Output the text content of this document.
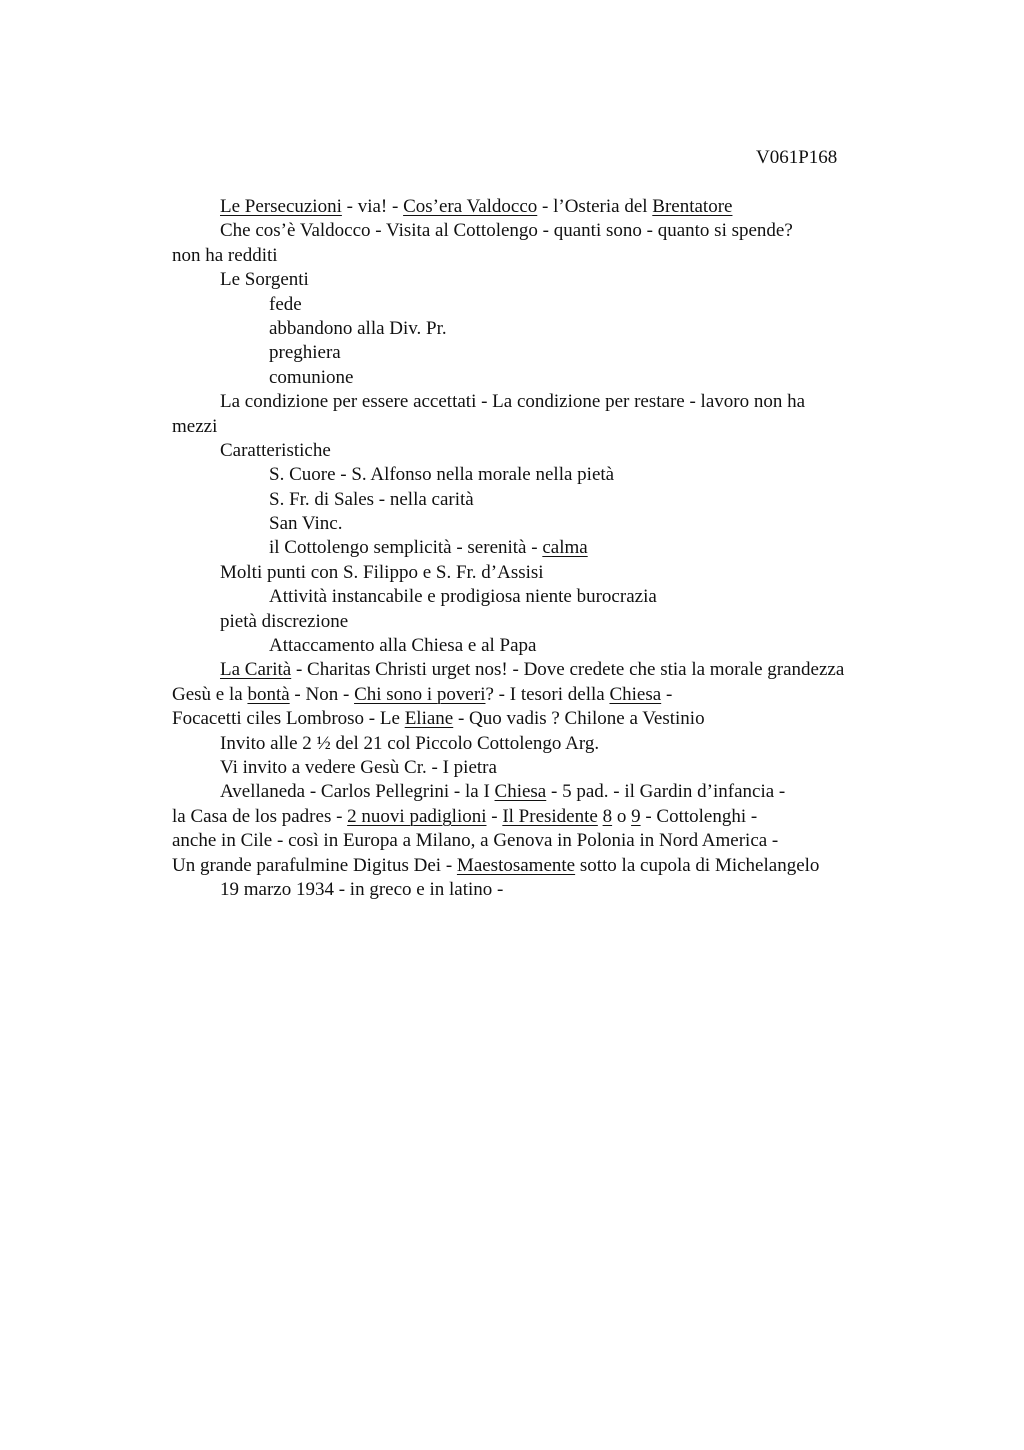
V061P168
Le Persecuzioni - via! - Cos’era Valdocco - l’Osteria del Brentatore
Che cos’è Valdocco - Visita al Cottolengo - quanti sono - quanto si spende?
non ha redditi
Le Sorgenti
fede
abbandono alla Div. Pr.
preghiera
comunione
La condizione per essere accettati - La condizione per restare - lavoro non ha
mezzi
Caratteristiche
S. Cuore - S. Alfonso nella morale nella pietà
S. Fr. di Sales - nella carità
San Vinc.
il Cottolengo semplicità - serenità - calma
Molti punti con S. Filippo e S. Fr. d’Assisi
Attività instancabile e prodigiosa niente burocrazia
pietà discrezione
Attaccamento alla Chiesa e al Papa
La Carità - Charitas Christi urget nos! - Dove credete che stia la morale grandezza
Gesù e la bontà - Non - Chi sono i poveri? - I tesori della Chiesa -
Focacetti ciles Lombroso - Le Eliane - Quo vadis ? Chilone a Vestinio
Invito alle 2 ½ del 21 col Piccolo Cottolengo Arg.
Vi invito a vedere Gesù Cr. - I pietra
Avellaneda - Carlos Pellegrini - la I Chiesa - 5 pad. - il Gardin d’infancia -
la Casa de los padres - 2 nuovi padiglioni - Il Presidente 8 o 9 - Cottolenghi -
anche in Cile - così in Europa a Milano, a Genova in Polonia in Nord America -
Un grande parafulmine Digitus Dei - Maestosamente sotto la cupola di Michelangelo
19 marzo 1934 - in greco e in latino -
